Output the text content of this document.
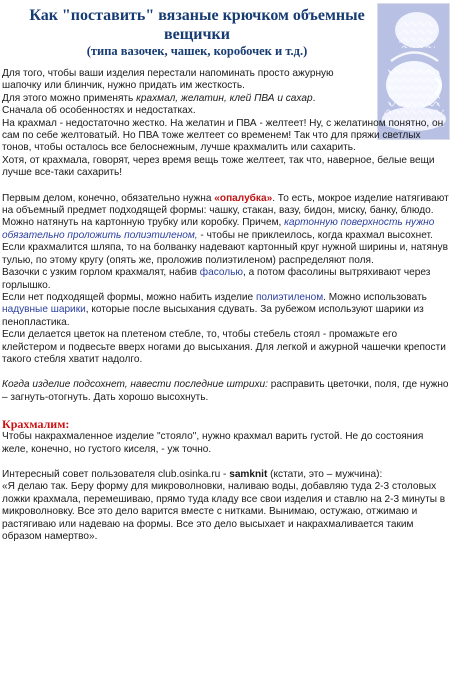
Как "поставить" вязаные крючком объемные вещички
(типа вазочек, чашек, коробочек и т.д.)

Для того, чтобы ваши изделия перестали напоминать просто ажурную шапочку или блинчик, нужно придать им жесткость.

Для этого можно применять крахмал, желатин, клей ПВА и сахар.

Сначала об особенностях и недостатках.

На крахмал - недостаточно жестко. На желатин и ПВА - желтеет! Ну, с желатином понятно, он сам по себе желтоватый. Но ПВА тоже желтеет со временем! Так что для пряжи светлых тонов, чтобы осталось все белоснежным, лучше крахмалить или сахарить.

Хотя, от крахмала, говорят, через время вещь тоже желтеет, так что, наверное, белые вещи лучше все-таки сахарить!

Первым делом, конечно, обязательно нужна «опалубка». То есть, мокрое изделие натягивают на объемный предмет подходящей формы: чашку, стакан, вазу, бидон, миску, банку, блюдо.

Можно натянуть на картонную трубку или коробку. Причем, картонную поверхность нужно обязательно проложить полиэтиленом, - чтобы не приклеилось, когда крахмал высохнет.

Если крахмалится шляпа, то на болванку надевают картонный круг нужной ширины и, натянув тулью, по этому кругу (опять же, проложив полиэтиленом) распределяют поля.

Вазочки с узким горлом крахмалят, набив фасолью, а потом фасолины вытряхивают через горлышко.

Если нет подходящей формы, можно набить изделие полиэтиленом. Можно использовать надувные шарики, которые после высыхания сдувать. За рубежом используют шарики из пенопластика.

Если делается цветок на плетеном стебле, то, чтобы стебель стоял - промажьте его клейстером и подвесьте вверх ногами до высыхания. Для легкой и ажурной чашечки крепости такого стебля хватит надолго.

Когда изделие подсохнет, навести последние штрихи: расправить цветочки, поля, где нужно – загнуть-отогнуть. Дать хорошо высохнуть.

Крахмалим:

Чтобы накрахмаленное изделие "стояло", нужно крахмал варить густой. Не до состояния желе, конечно, но густого киселя, - уж точно.

Интересный совет пользователя club.osinka.ru - samknit (кстати, это – мужчина):

«Я делаю так. Беру форму для микроволновки, наливаю воды, добавляю туда 2-3 столовых ложки крахмала, перемешиваю, прямо туда кладу все свои изделия и ставлю на 2-3 минуты в микроволновку. Все это дело варится вместе с нитками. Вынимаю, остужаю, отжимаю и растягиваю или надеваю на формы. Все это дело высыхает и накрахмаливается таким образом намертво».
